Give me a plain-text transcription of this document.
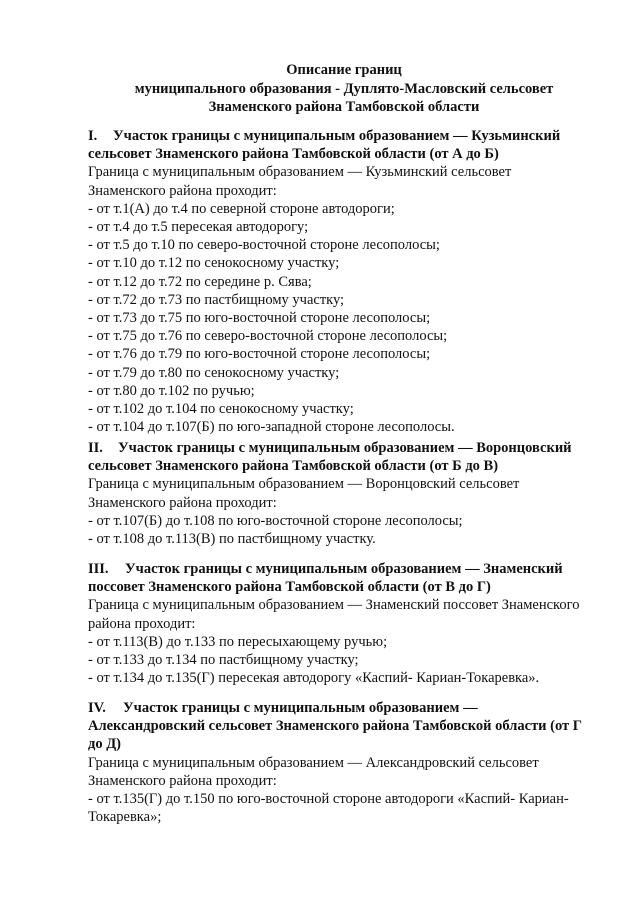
Описание границ
муниципального образования - Дуплято-Масловский сельсовет
Знаменского района Тамбовской области
I. Участок границы с муниципальным образованием — Кузьминский
сельсовет Знаменского района Тамбовской области (от А до Б)
Граница с муниципальным образованием — Кузьминский сельсовет
Знаменского района проходит:
- от т.1(А) до т.4 по северной стороне автодороги;
- от т.4 до т.5 пересекая автодорогу;
- от т.5 до т.10 по северо-восточной стороне лесополосы;
- от т.10 до т.12 по сенокосному участку;
- от т.12 до т.72 по середине р. Сява;
- от т.72 до т.73 по пастбищному участку;
- от т.73 до т.75 по юго-восточной стороне лесополосы;
- от т.75 до т.76 по северо-восточной стороне лесополосы;
- от т.76 до т.79 по юго-восточной стороне лесополосы;
- от т.79 до т.80 по сенокосному участку;
- от т.80 до т.102 по ручью;
- от т.102 до т.104 по сенокосному участку;
- от т.104 до т.107(Б) по юго-западной стороне лесополосы.
II. Участок границы с муниципальным образованием — Воронцовский
сельсовет Знаменского района Тамбовской области (от Б до В)
Граница с муниципальным образованием — Воронцовский сельсовет
Знаменского района проходит:
- от т.107(Б) до т.108 по юго-восточной стороне лесополосы;
- от т.108 до т.113(В) по пастбищному участку.
III. Участок границы с муниципальным образованием — Знаменский
поссовет Знаменского района Тамбовской области (от В до Г)
Граница с муниципальным образованием — Знаменский поссовет Знаменского
района проходит:
- от т.113(В) до т.133 по пересыхающему ручью;
- от т.133 до т.134 по пастбищному участку;
- от т.134 до т.135(Г) пересекая автодорогу «Каспий- Кариан-Токаревка».
IV. Участок границы с муниципальным образованием —
Александровский сельсовет Знаменского района Тамбовской области (от Г
до Д)
Граница с муниципальным образованием — Александровский сельсовет
Знаменского района проходит:
- от т.135(Г) до т.150 по юго-восточной стороне автодороги «Каспий- Кариан-
Токаревка»;
